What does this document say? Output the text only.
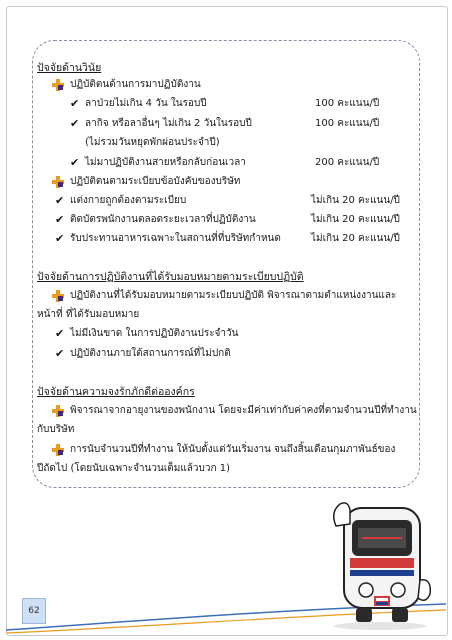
ปัจจัยด้านวินัย
ปฏิบัติตนด้านการมาปฏิบัติงาน
✔ ลาป่วยไม่เกิน 4 วัน ในรอบปี	100 คะแนน/ปี
✔ ลากิจ หรือลาอื่นๆ ไม่เกิน 2 วันในรอบปี	100 คะแนน/ปี
(ไม่รวมวันหยุดพักผ่อนประจำปี)
✔ ไม่มาปฏิบัติงานสายหรือกลับก่อนเวลา	200 คะแนน/ปี
ปฏิบัติตนตามระเบียบข้อบังคับของบริษัท
✔ แต่งกายถูกต้องตามระเบียบ	ไม่เกิน 20 คะแนน/ปี
✔ ติดบัตรพนักงานตลอดระยะเวลาที่ปฏิบัติงาน	ไม่เกิน 20 คะแนน/ปี
✔ รับประทานอาหารเฉพาะในสถานที่ที่บริษัทกำหนด	ไม่เกิน 20 คะแนน/ปี
ปัจจัยด้านการปฏิบัติงานที่ได้รับมอบหมายตามระเบียบปฏิบัติ
ปฏิบัติงานที่ได้รับมอบหมายตามระเบียบปฏิบัติ พิจารณาตามตำแหน่งงานและ
หน้าที่ ที่ได้รับมอบหมาย
✔ ไม่มีเงินขาด ในการปฏิบัติงานประจำวัน
✔ ปฏิบัติงานภายใต้สถานการณ์ที่ไม่ปกติ
ปัจจัยด้านความจงรักภักดีต่อองค์กร
พิจารณาจากอายุงานของพนักงาน โดยจะมีค่าเท่ากับค่าคงที่ตามจำนวนปีที่ทำงาน
กับบริษัท
การนับจำนวนปีที่ทำงาน ให้นับตั้งแต่วันเริ่มงาน จนถึงสิ้นเดือนกุมภาพันธ์ของ
ปีถัดไป (โดยนับเฉพาะจำนวนเต็มแล้วบวก 1)
62
